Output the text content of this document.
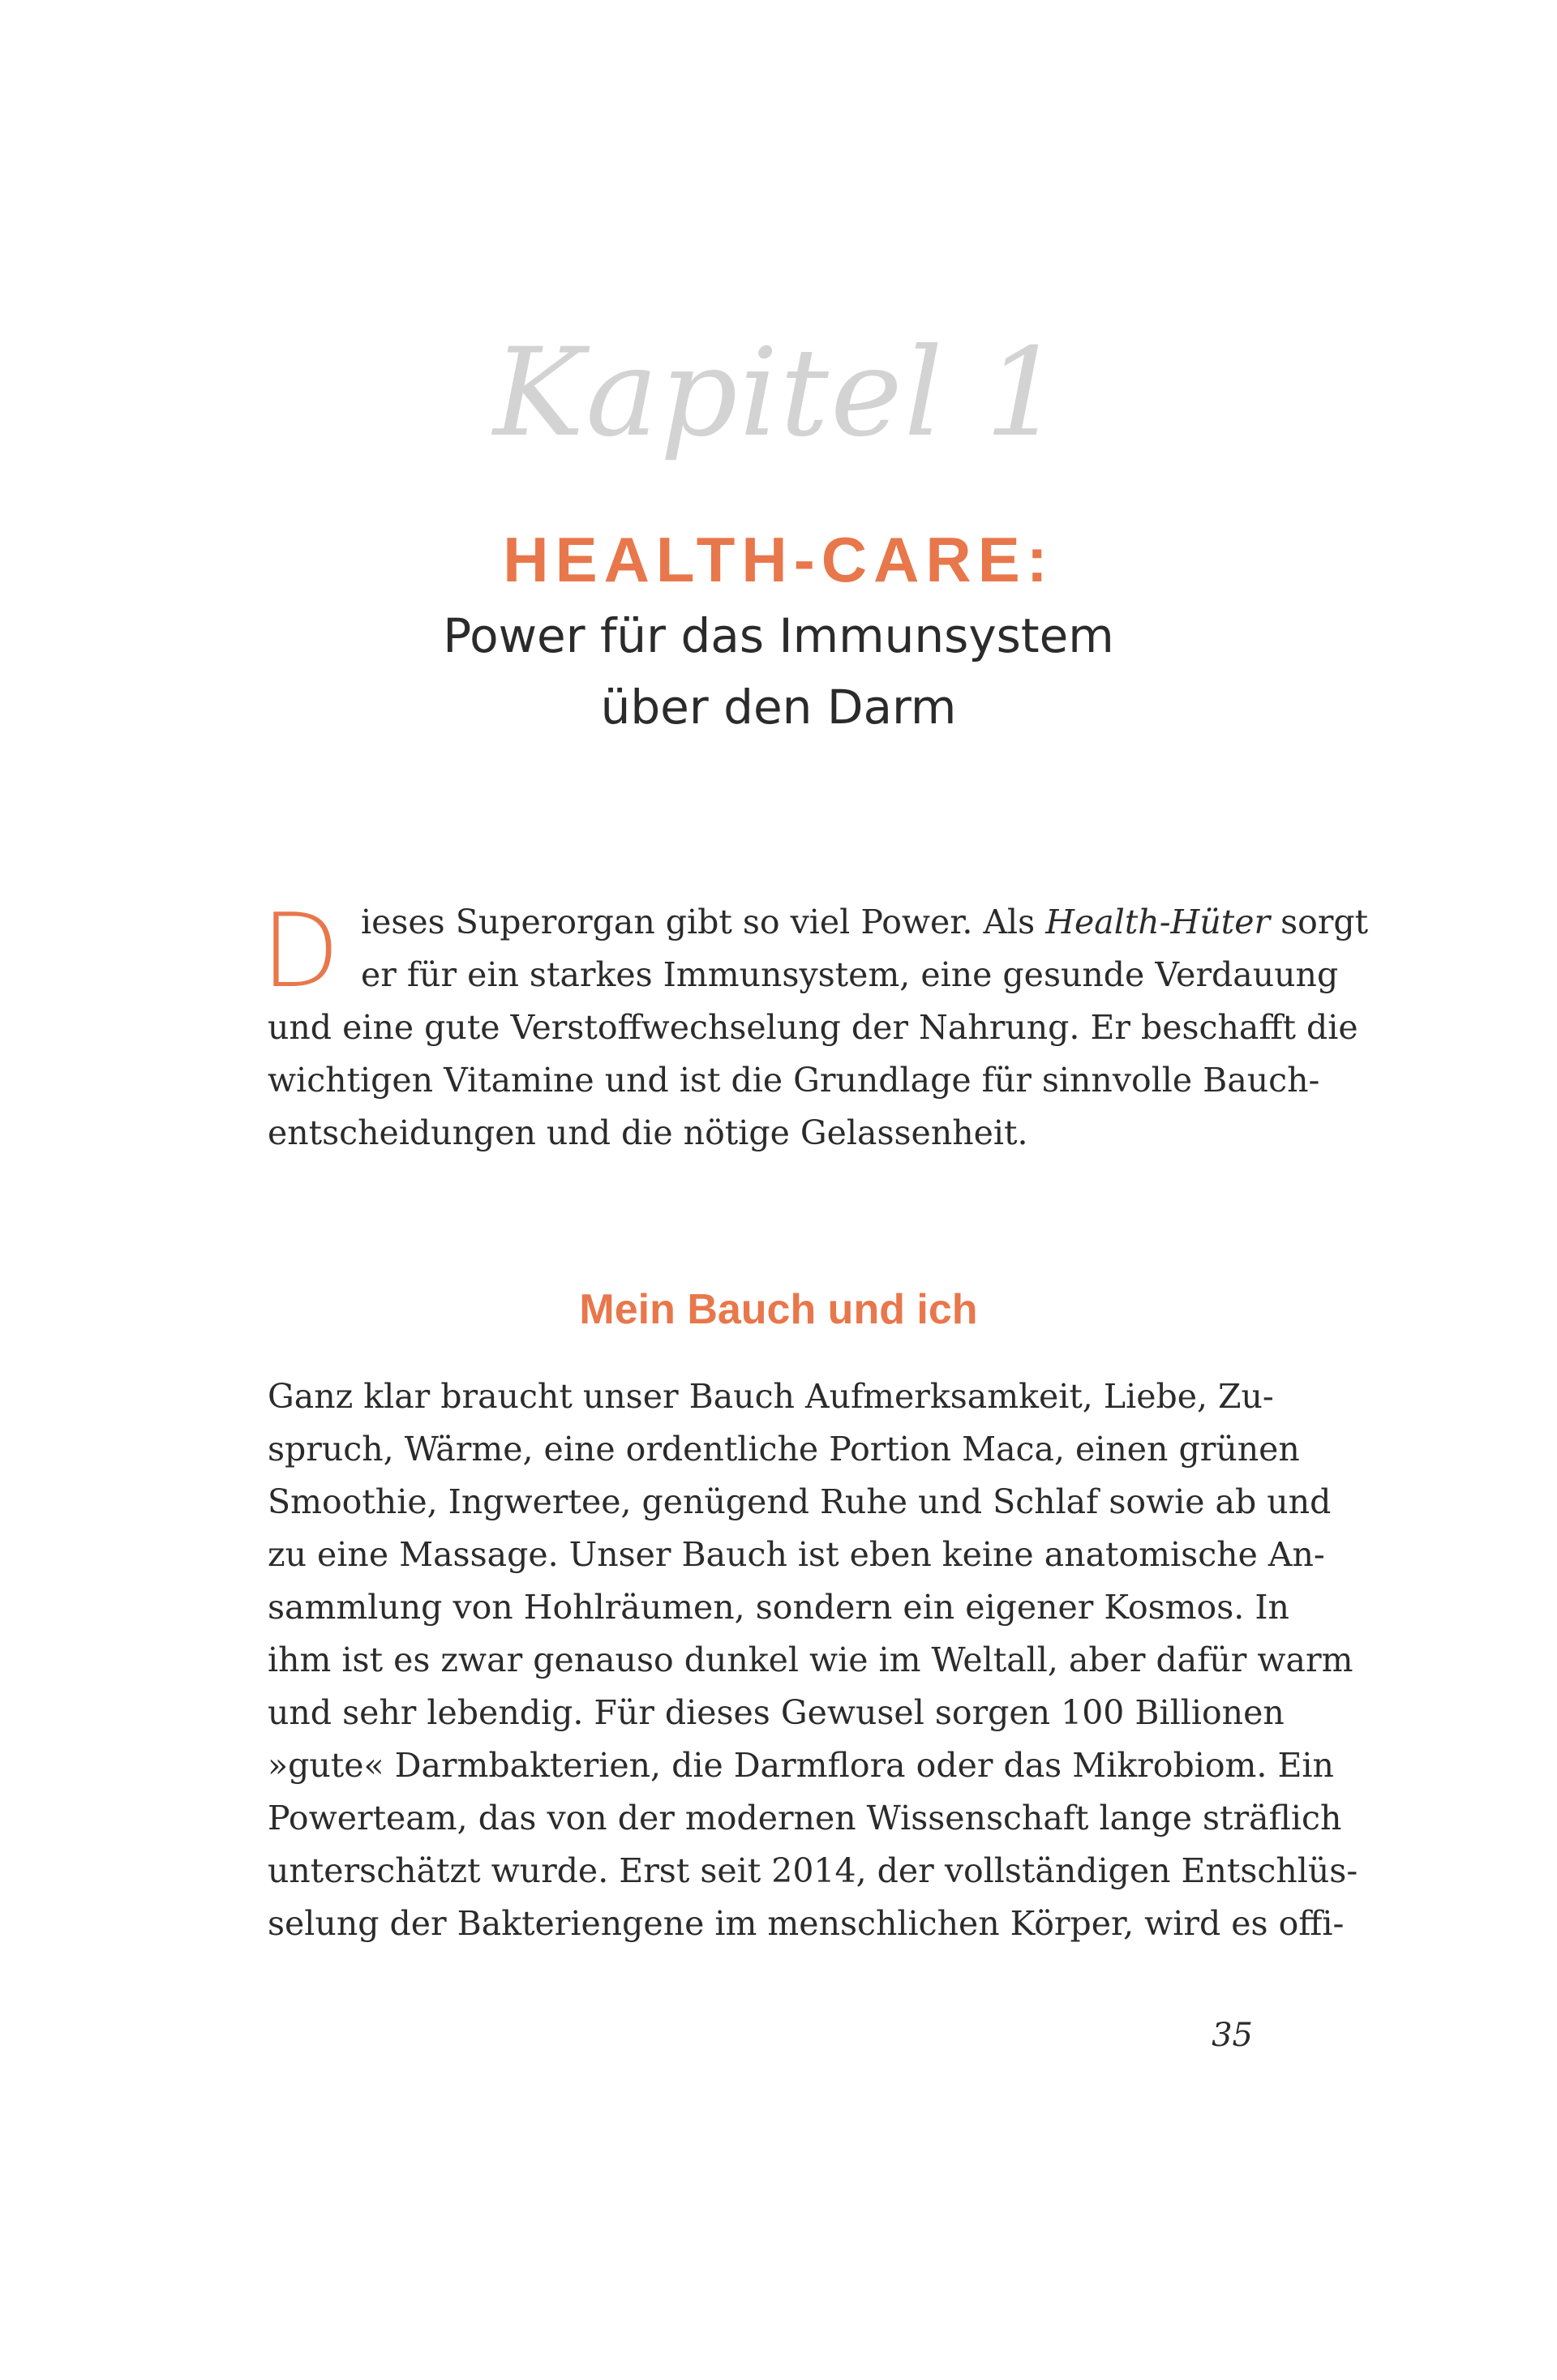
Kapitel 1
HEALTH-CARE:
Power für das Immunsystem
über den Darm
D ieses Superorgan gibt so viel Power. Als Health-Hüter sorgt
er für ein starkes Immunsystem, eine gesunde Verdauung
und eine gute Verstoffwechselung der Nahrung. Er beschafft die
wichtigen Vitamine und ist die Grundlage für sinnvolle Bauch-
entscheidungen und die nötige Gelassenheit.
Mein Bauch und ich
Ganz klar braucht unser Bauch Aufmerksamkeit, Liebe, Zu-
spruch, Wärme, eine ordentliche Portion Maca, einen grünen
Smoothie, Ingwertee, genügend Ruhe und Schlaf sowie ab und
zu eine Massage. Unser Bauch ist eben keine anatomische An-
sammlung von Hohlräumen, sondern ein eigener Kosmos. In
ihm ist es zwar genauso dunkel wie im Weltall, aber dafür warm
und sehr lebendig. Für dieses Gewusel sorgen 100 Billionen
»gute« Darmbakterien, die Darmflora oder das Mikrobiom. Ein
Powerteam, das von der modernen Wissenschaft lange sträflich
unterschätzt wurde. Erst seit 2014, der vollständigen Entschlüs-
selung der Bakteriengene im menschlichen Körper, wird es offi-
35
